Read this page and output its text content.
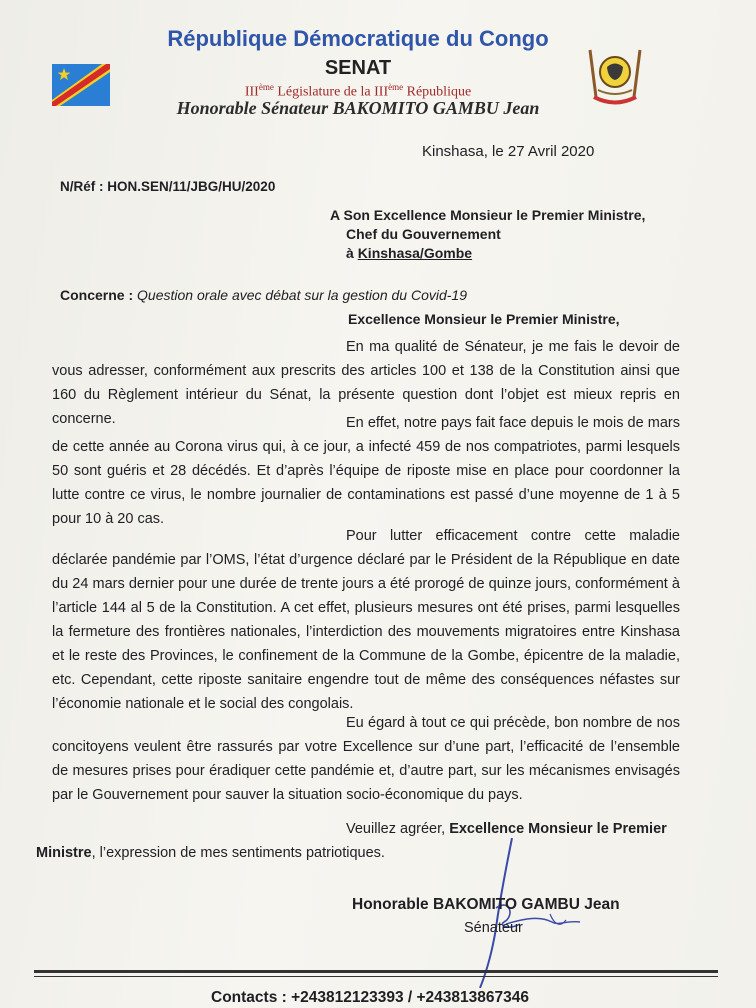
République Démocratique du Congo
SENAT
IIIème Législature de la IIIème République
Honorable Sénateur BAKOMITO GAMBU Jean
Kinshasa, le 27 Avril 2020
N/Réf : HON.SEN/11/JBG/HU/2020
A Son Excellence Monsieur le Premier Ministre,
Chef du Gouvernement
à Kinshasa/Gombe
Concerne : Question orale avec débat sur la gestion du Covid-19
Excellence Monsieur le Premier Ministre,
En ma qualité de Sénateur, je me fais le devoir de vous adresser, conformément aux prescrits des articles 100 et 138 de la Constitution ainsi que 160 du Règlement intérieur du Sénat, la présente question dont l’objet est mieux repris en concerne.	En effet, notre pays fait face depuis le mois de mars de cette année au Corona virus qui, à ce jour, a infecté 459 de nos compatriotes, parmi lesquels 50 sont guéris et 28 décédés. Et d’après l’équipe de riposte mise en place pour coordonner la lutte contre ce virus, le nombre journalier de contaminations est passé d’une moyenne de 1 à 5 pour 10 à 20 cas.
Pour lutter efficacement contre cette maladie déclarée pandémie par l’OMS, l’état d’urgence déclaré par le Président de la République en date du 24 mars dernier pour une durée de trente jours a été prorogé de quinze jours, conformément à l’article 144 al 5 de la Constitution. A cet effet, plusieurs mesures ont été prises, parmi lesquelles la fermeture des frontières nationales, l’interdiction des mouvements migratoires entre Kinshasa et le reste des Provinces, le confinement de la Commune de la Gombe, épicentre de la maladie, etc. Cependant, cette riposte sanitaire engendre tout de même des conséquences néfastes sur l’économie nationale et le social des congolais.
Eu égard à tout ce qui précède, bon nombre de nos concitoyens veulent être rassurés par votre Excellence sur d’une part, l’efficacité de l’ensemble de mesures prises pour éradiquer cette pandémie et, d’autre part, sur les mécanismes envisagés par le Gouvernement pour sauver la situation socio-économique du pays.
Veuillez agréer, Excellence Monsieur le Premier
Ministre, l’expression de mes sentiments patriotiques.
Honorable BAKOMITO GAMBU Jean
Sénateur
Contacts : +243812123393 / +243813867346
